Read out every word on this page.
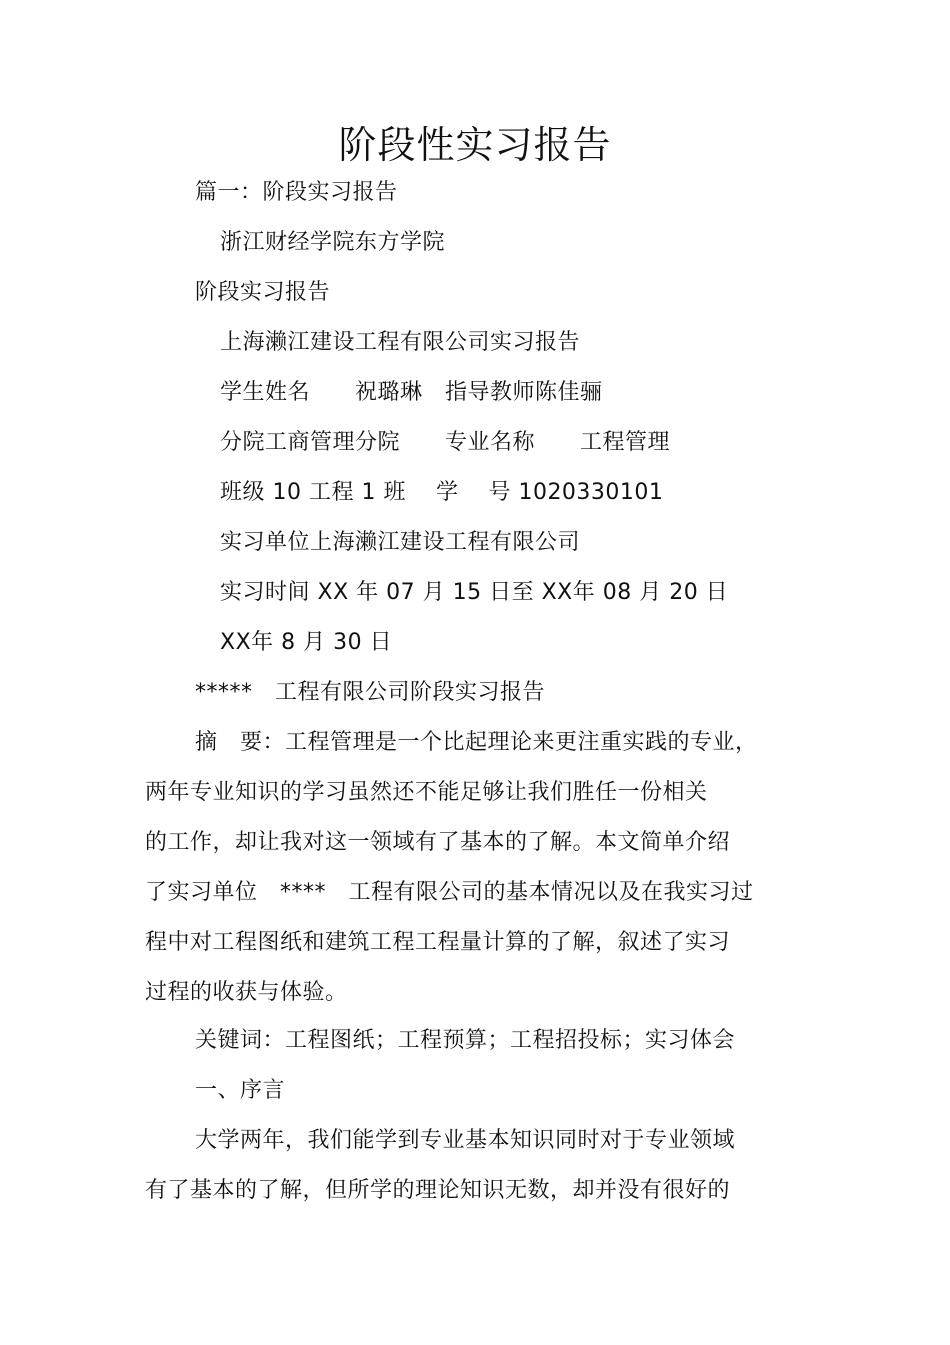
阶段性实习报告
篇一：阶段实习报告
浙江财经学院东方学院
阶段实习报告
上海濑江建设工程有限公司实习报告
学生姓名　　祝璐琳　指导教师陈佳骊
分院工商管理分院　　专业名称　　工程管理
班级 10 工程 1 班　 学　 号 1020330101
实习单位上海濑江建设工程有限公司
实习时间 XX 年 07 月 15 日至 XX年 08 月 20 日
XX年 8 月 30 日
*****　工程有限公司阶段实习报告
摘　要：工程管理是一个比起理论来更注重实践的专业，
两年专业知识的学习虽然还不能足够让我们胜任一份相关
的工作，却让我对这一领域有了基本的了解。本文简单介绍
了实习单位　****　工程有限公司的基本情况以及在我实习过
程中对工程图纸和建筑工程工程量计算的了解，叙述了实习
过程的收获与体验。
关键词：工程图纸；工程预算；工程招投标；实习体会
一、序言
大学两年，我们能学到专业基本知识同时对于专业领域
有了基本的了解，但所学的理论知识无数，却并没有很好的
